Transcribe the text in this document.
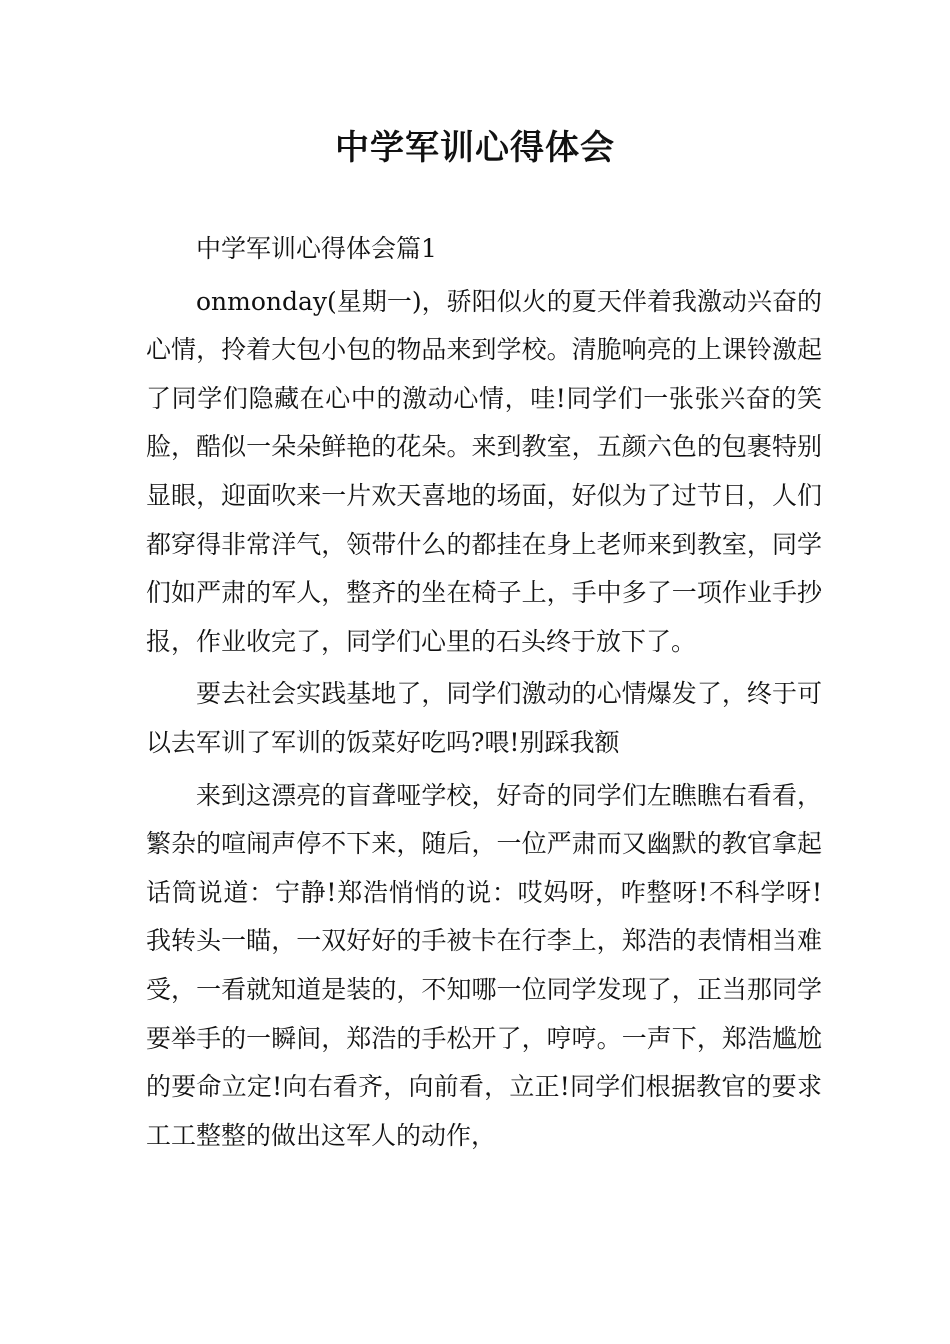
中学军训心得体会

中学军训心得体会篇1

onmonday(星期一)，骄阳似火的夏天伴着我激动兴奋的心情，拎着大包小包的物品来到学校。清脆响亮的上课铃激起了同学们隐藏在心中的激动心情，哇!同学们一张张兴奋的笑脸，酷似一朵朵鲜艳的花朵。来到教室，五颜六色的包裹特别显眼，迎面吹来一片欢天喜地的场面，好似为了过节日，人们都穿得非常洋气，领带什么的都挂在身上老师来到教室，同学们如严肃的军人，整齐的坐在椅子上，手中多了一项作业手抄报，作业收完了，同学们心里的石头终于放下了。

要去社会实践基地了，同学们激动的心情爆发了，终于可以去军训了军训的饭菜好吃吗?喂!别踩我额

来到这漂亮的盲聋哑学校，好奇的同学们左瞧瞧右看看，繁杂的喧闹声停不下来，随后，一位严肃而又幽默的教官拿起话筒说道：宁静!郑浩悄悄的说：哎妈呀，咋整呀!不科学呀!我转头一瞄，一双好好的手被卡在行李上，郑浩的表情相当难受，一看就知道是装的，不知哪一位同学发现了，正当那同学要举手的一瞬间，郑浩的手松开了，哼哼。一声下，郑浩尴尬的要命立定!向右看齐，向前看，立正!同学们根据教官的要求工工整整的做出这军人的动作，
